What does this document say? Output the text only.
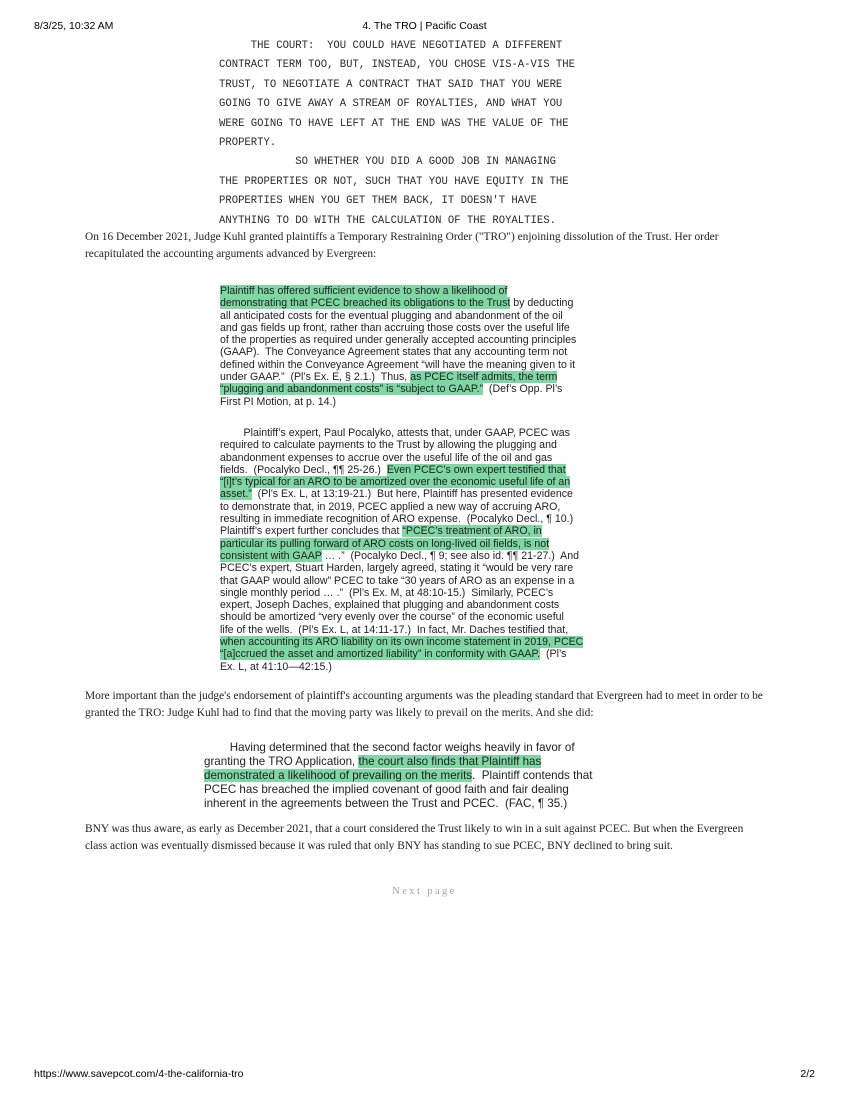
8/3/25, 10:32 AM	4. The TRO | Pacific Coast
THE COURT:  YOU COULD HAVE NEGOTIATED A DIFFERENT
CONTRACT TERM TOO, BUT, INSTEAD, YOU CHOSE VIS-A-VIS THE
TRUST, TO NEGOTIATE A CONTRACT THAT SAID THAT YOU WERE
GOING TO GIVE AWAY A STREAM OF ROYALTIES, AND WHAT YOU
WERE GOING TO HAVE LEFT AT THE END WAS THE VALUE OF THE
PROPERTY.
SO WHETHER YOU DID A GOOD JOB IN MANAGING
THE PROPERTIES OR NOT, SUCH THAT YOU HAVE EQUITY IN THE
PROPERTIES WHEN YOU GET THEM BACK, IT DOESN'T HAVE
ANYTHING TO DO WITH THE CALCULATION OF THE ROYALTIES.

On 16 December 2021, Judge Kuhl granted plaintiffs a Temporary Restraining Order ("TRO") enjoining dissolution of the Trust. Her order recapitulated the accounting arguments advanced by Evergreen:

Plaintiff has offered sufficient evidence to show a likelihood of
demonstrating that PCEC breached its obligations to the Trust by deducting
all anticipated costs for the eventual plugging and abandonment of the oil
and gas fields up front, rather than accruing those costs over the useful life
of the properties as required under generally accepted accounting principles
(GAAP).  The Conveyance Agreement states that any accounting term not
defined within the Conveyance Agreement “will have the meaning given to it
under GAAP.”  (Pl’s Ex. E, § 2.1.)  Thus, as PCEC itself admits, the term
“plugging and abandonment costs” is “subject to GAAP.”  (Def’s Opp. Pl’s
First PI Motion, at p. 14.)
Plaintiff’s expert, Paul Pocalyko, attests that, under GAAP, PCEC was
required to calculate payments to the Trust by allowing the plugging and
abandonment expenses to accrue over the useful life of the oil and gas
fields.  (Pocalyko Decl., ¶¶ 25-26.)  Even PCEC’s own expert testified that
“[i]t’s typical for an ARO to be amortized over the economic useful life of an
asset.”  (Pl’s Ex. L, at 13:19-21.)  But here, Plaintiff has presented evidence
to demonstrate that, in 2019, PCEC applied a new way of accruing ARO,
resulting in immediate recognition of ARO expense.  (Pocalyko Decl., ¶ 10.)
Plaintiff’s expert further concludes that “PCEC’s treatment of ARO, in
particular its pulling forward of ARO costs on long-lived oil fields, is not
consistent with GAAP … .”  (Pocalyko Decl., ¶ 9; see also id. ¶¶ 21-27.)  And
PCEC’s expert, Stuart Harden, largely agreed, stating it “would be very rare
that GAAP would allow” PCEC to take “30 years of ARO as an expense in a
single monthly period … .”  (Pl’s Ex. M, at 48:10-15.)  Similarly, PCEC’s
expert, Joseph Daches, explained that plugging and abandonment costs
should be amortized “very evenly over the course” of the economic useful
life of the wells.  (Pl’s Ex. L, at 14:11-17.)  In fact, Mr. Daches testified that,
when accounting its ARO liability on its own income statement in 2019, PCEC
“[a]ccrued the asset and amortized liability” in conformity with GAAP.  (Pl’s
Ex. L, at 41:10—42:15.)

More important than the judge's endorsement of plaintiff's accounting arguments was the pleading standard that Evergreen had to meet in order to be granted the TRO: Judge Kuhl had to find that the moving party was likely to prevail on the merits. And she did:

Having determined that the second factor weighs heavily in favor of
granting the TRO Application, the court also finds that Plaintiff has
demonstrated a likelihood of prevailing on the merits.  Plaintiff contends that
PCEC has breached the implied covenant of good faith and fair dealing
inherent in the agreements between the Trust and PCEC.  (FAC, ¶ 35.)

BNY was thus aware, as early as December 2021, that a court considered the Trust likely to win in a suit against PCEC. But when the Evergreen class action was eventually dismissed because it was ruled that only BNY has standing to sue PCEC, BNY declined to bring suit.

Next page
https://www.savepcot.com/4-the-california-tro	2/2
